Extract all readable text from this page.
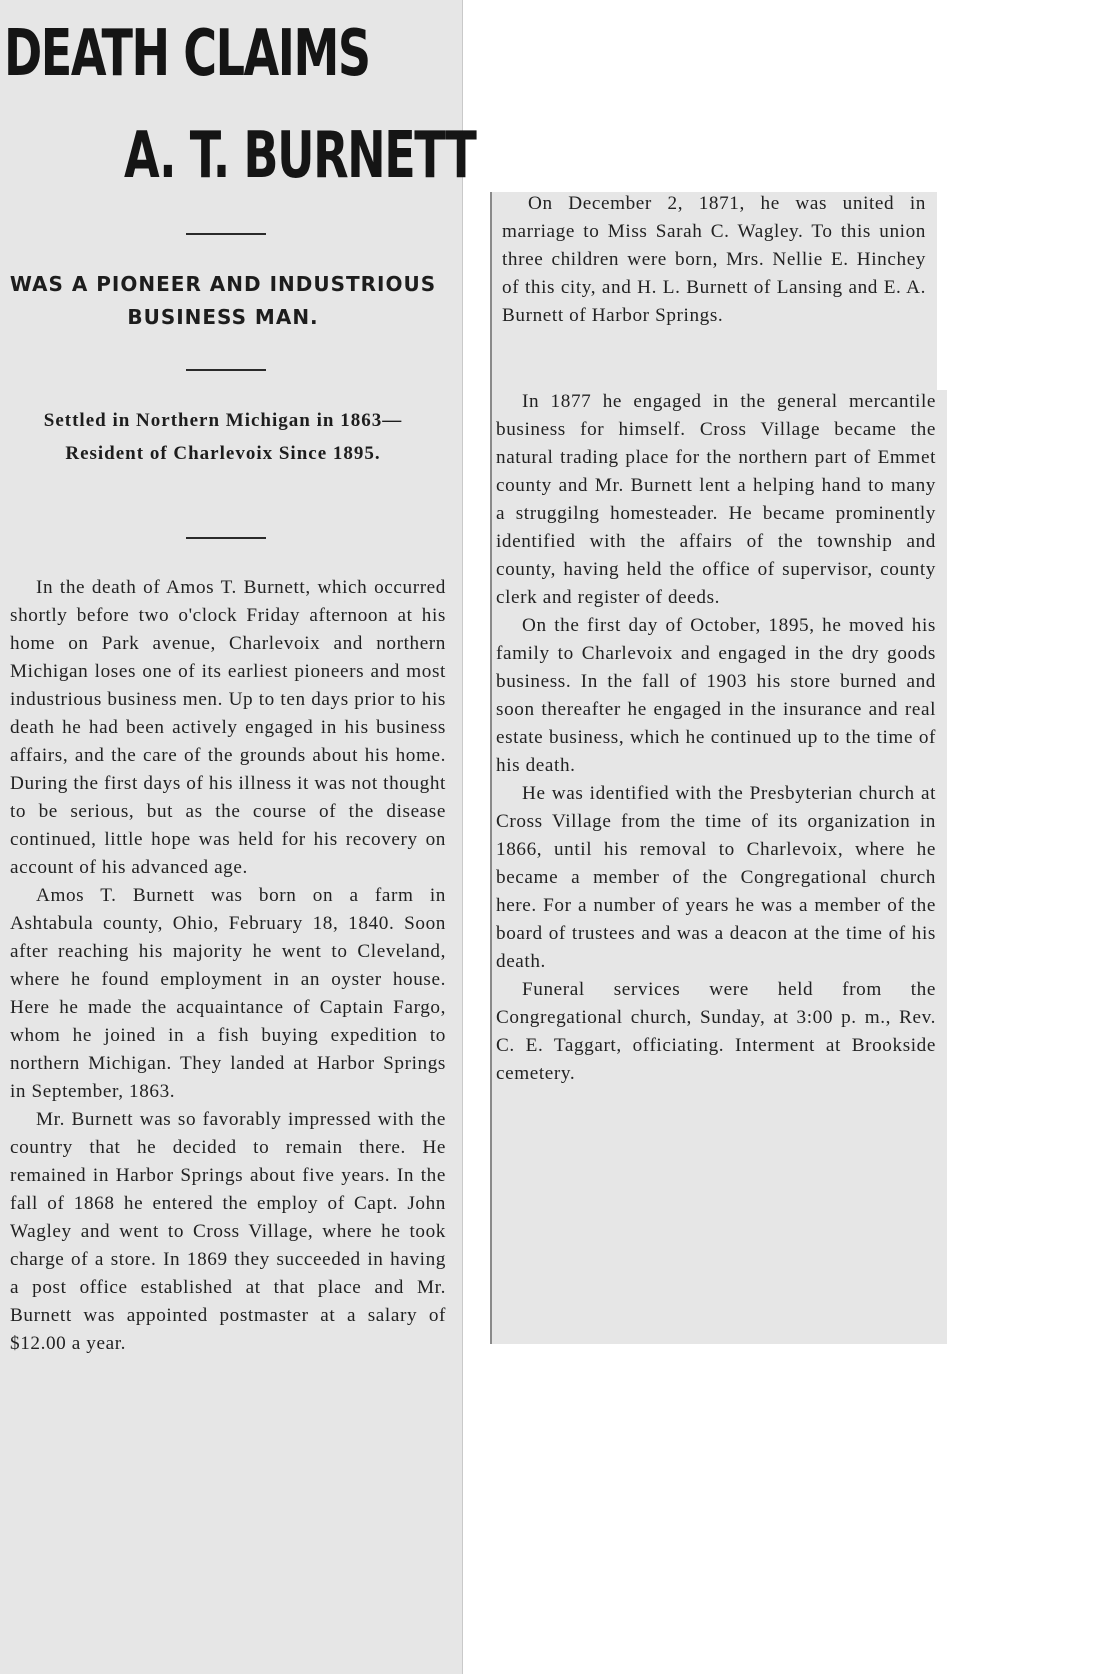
DEATH CLAIMS
A. T. BURNETT

WAS A PIONEER AND INDUSTRIOUS BUSINESS MAN.

Settled in Northern Michigan in 1863—Resident of Charlevoix Since 1895.

In the death of Amos T. Burnett, which occurred shortly before two o'clock Friday afternoon at his home on Park avenue, Charlevoix and northern Michigan loses one of its earliest pioneers and most industrious business men. Up to ten days prior to his death he had been actively engaged in his business affairs, and the care of the grounds about his home. During the first days of his illness it was not thought to be serious, but as the course of the disease continued, little hope was held for his recovery on account of his advanced age.

Amos T. Burnett was born on a farm in Ashtabula county, Ohio, February 18, 1840. Soon after reaching his majority he went to Cleveland, where he found employment in an oyster house. Here he made the acquaintance of Captain Fargo, whom he joined in a fish buying expedition to northern Michigan. They landed at Harbor Springs in September, 1863.

Mr. Burnett was so favorably impressed with the country that he decided to remain there. He remained in Harbor Springs about five years. In the fall of 1868 he entered the employ of Capt. John Wagley and went to Cross Village, where he took charge of a store. In 1869 they succeeded in having a post office established at that place and Mr. Burnett was appointed postmaster at a salary of $12.00 a year.

On December 2, 1871, he was united in marriage to Miss Sarah C. Wagley. To this union three children were born, Mrs. Nellie E. Hinchey of this city, and H. L. Burnett of Lansing and E. A. Burnett of Harbor Springs.

In 1877 he engaged in the general mercantile business for himself. Cross Village became the natural trading place for the northern part of Emmet county and Mr. Burnett lent a helping hand to many a struggilng homesteader. He became prominently identified with the affairs of the township and county, having held the office of supervisor, county clerk and register of deeds.

On the first day of October, 1895, he moved his family to Charlevoix and engaged in the dry goods business. In the fall of 1903 his store burned and soon thereafter he engaged in the insurance and real estate business, which he continued up to the time of his death.

He was identified with the Presbyterian church at Cross Village from the time of its organization in 1866, until his removal to Charlevoix, where he became a member of the Congregational church here. For a number of years he was a member of the board of trustees and was a deacon at the time of his death.

Funeral services were held from the Congregational church, Sunday, at 3:00 p. m., Rev. C. E. Taggart, officiating. Interment at Brookside cemetery.
